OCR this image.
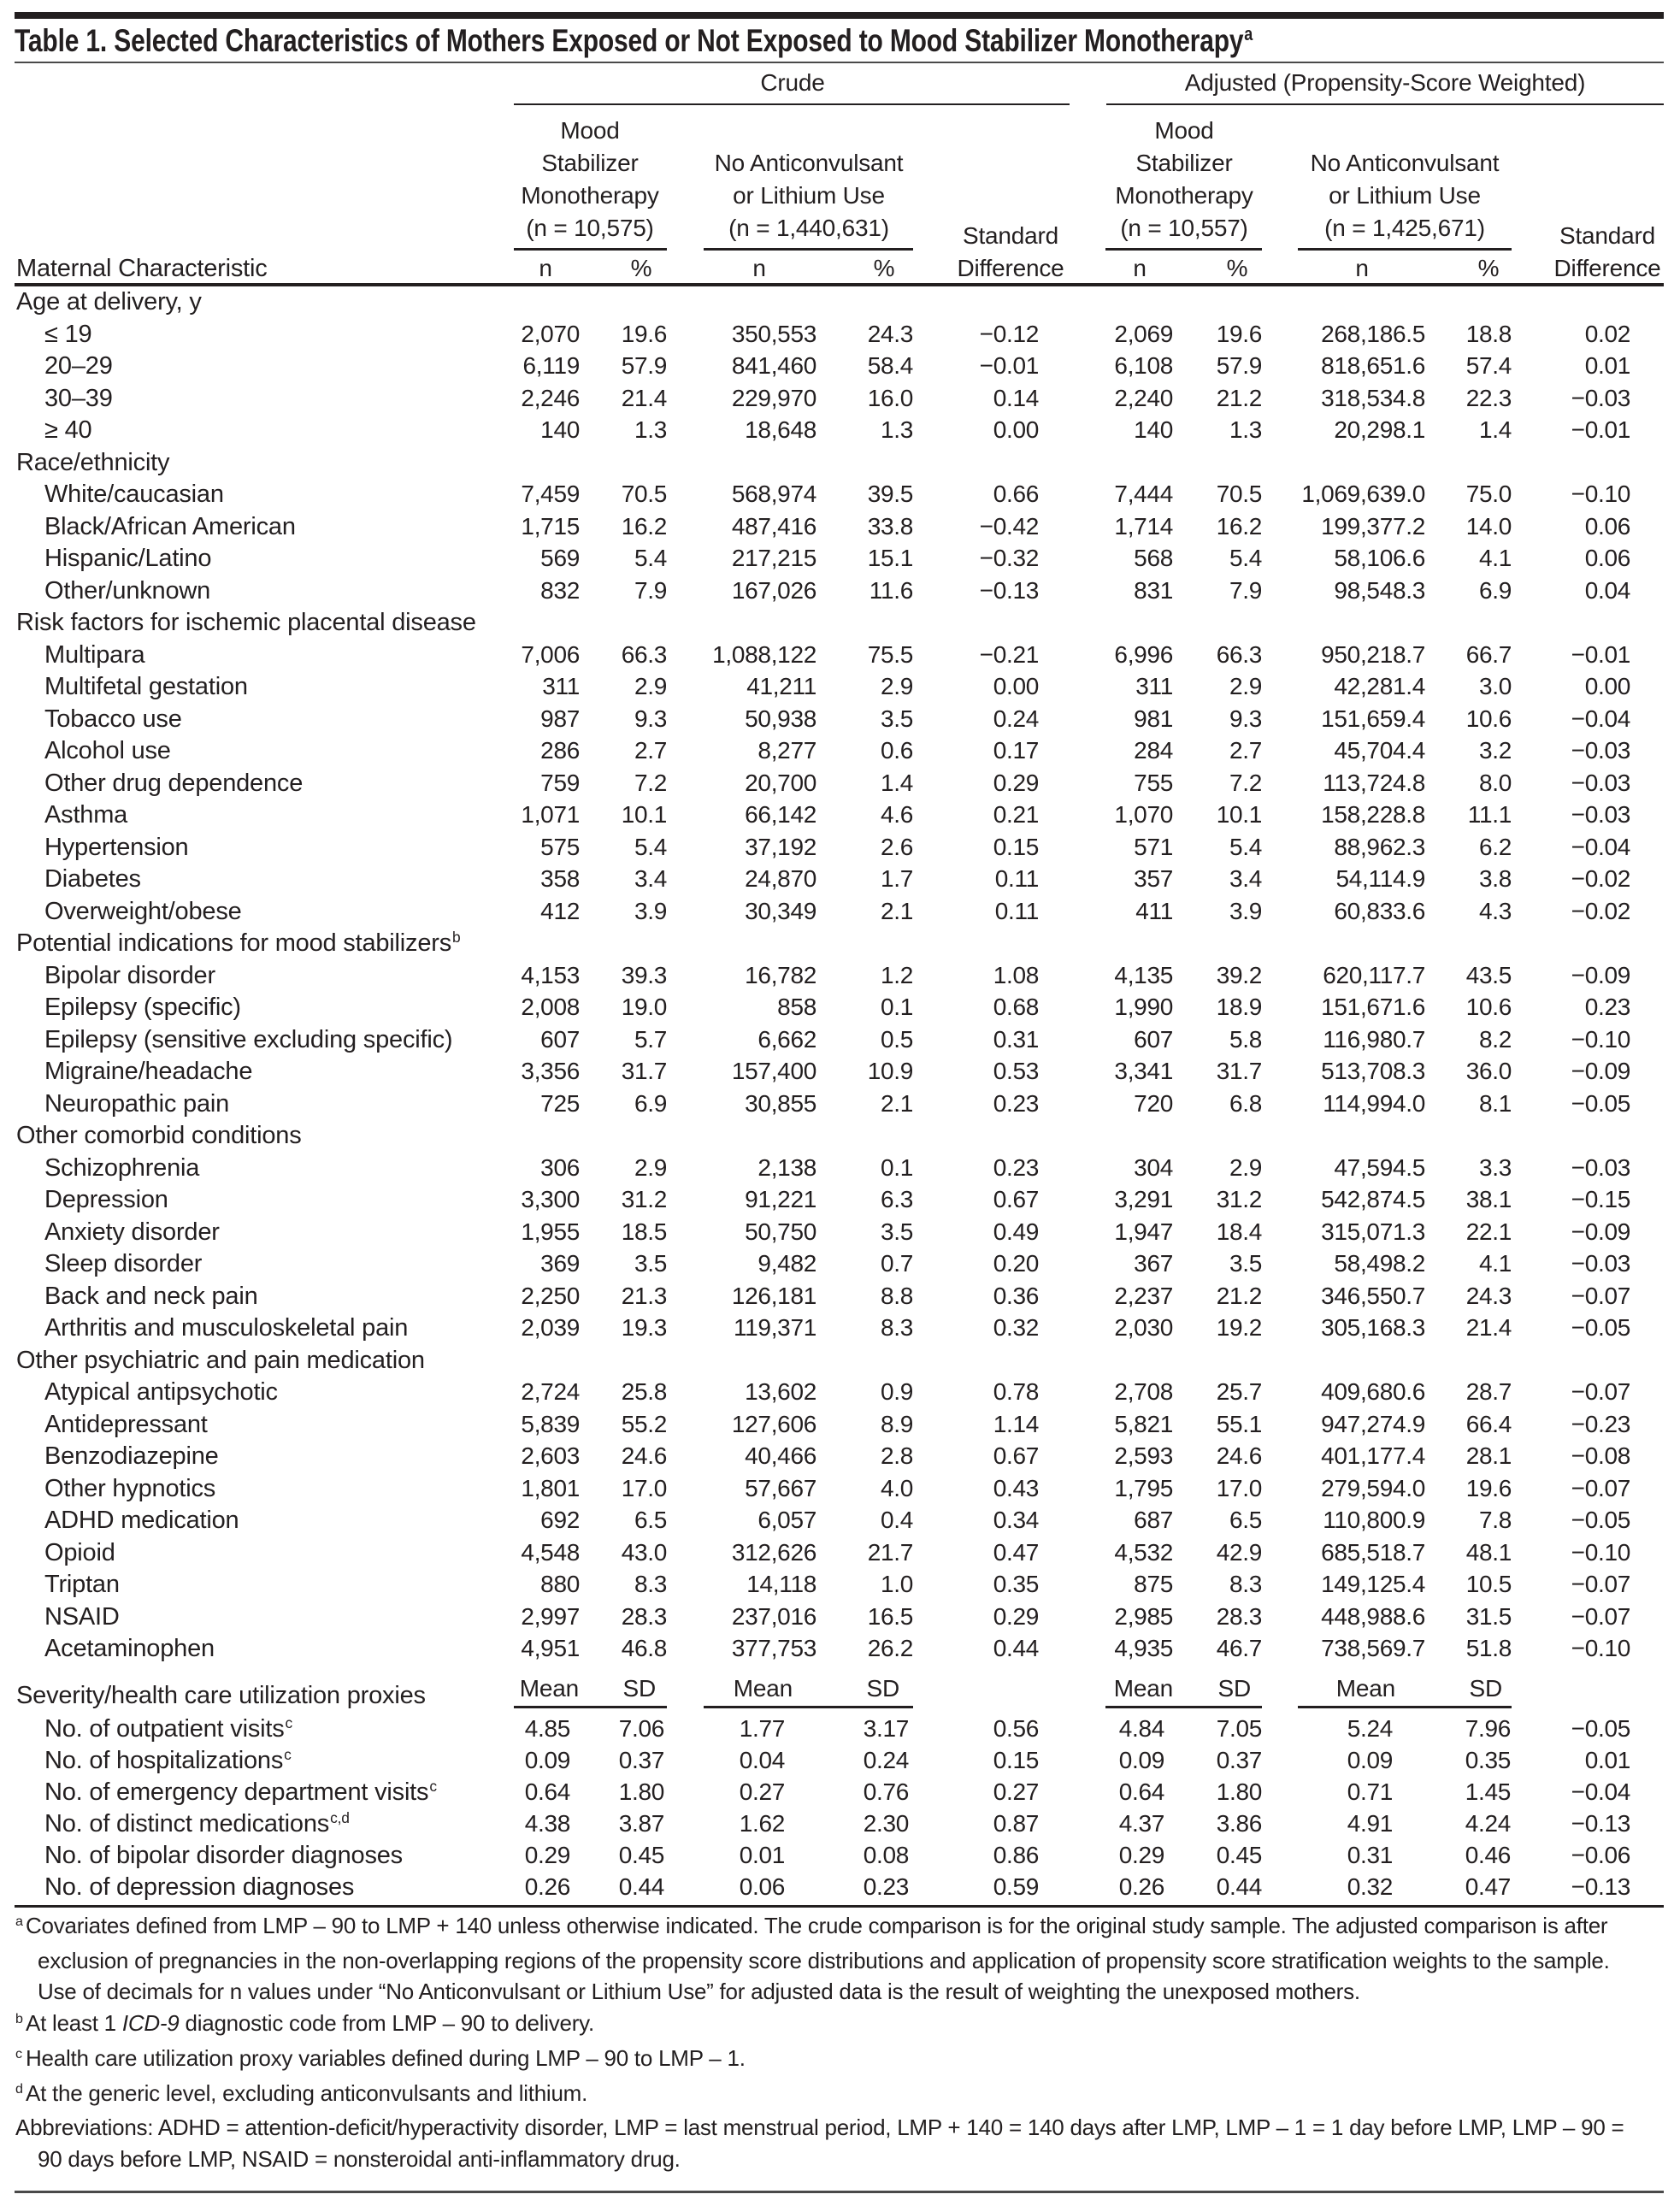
Table 1. Selected Characteristics of Mothers Exposed or Not Exposed to Mood Stabilizer Monotherapy$^a$
Crude	Adjusted (Propensity-Score Weighted)
Mood
Stabilizer
Monotherapy
(n = 10,575)
No Anticonvulsant
or Lithium Use
(n = 1,440,631)
Mood
Stabilizer
Monotherapy
(n = 10,557)
No Anticonvulsant
or Lithium Use
(n = 1,425,671)
Standard
Difference
Standard
Difference
n	%	n	%	n	%	n	%
Maternal Characteristic
Age at delivery, y
≤ 19	2,070 19.6	350,553 24.3	−0.12	2,069 19.6 268,186.5 18.8	0.02
20–29	6,119 57.9	841,460 58.4	−0.01	6,108 57.9 818,651.6 57.4	0.01
30–39	2,246 21.4	229,970 16.0	0.14	2,240 21.2 318,534.8 22.3 −0.03
≥ 40	140 1.3	18,648	1.3	0.00	140 1.3	20,298.1 1.4 −0.01
Race/ethnicity
White/caucasian	7,459 70.5	568,974 39.5	0.66	7,444 70.5 1,069,639.0 75.0 −0.10
Black/African American	1,715 16.2	487,416 33.8	−0.42	1,714 16.2 199,377.2 14.0	0.06
Hispanic/Latino	569 5.4	217,215 15.1	−0.32	568 5.4	58,106.6 4.1	0.06
Other/unknown	832 7.9	167,026 11.6	−0.13	831 7.9	98,548.3 6.9	0.04
Risk factors for ischemic placental disease
Multipara	7,006 66.3 1,088,122 75.5	−0.21	6,996 66.3 950,218.7 66.7 −0.01
Multifetal gestation	311 2.9	41,211	2.9	0.00	311 2.9	42,281.4 3.0	0.00
Tobacco use	987 9.3	50,938	3.5	0.24	981 9.3 151,659.4 10.6 −0.04
Alcohol use	286 2.7	8,277	0.6	0.17	284 2.7	45,704.4 3.2 −0.03
Other drug dependence	759 7.2	20,700	1.4	0.29	755 7.2	113,724.8 8.0 −0.03
Asthma	1,071 10.1	66,142	4.6	0.21	1,070 10.1 158,228.8 11.1 −0.03
Hypertension	575 5.4	37,192	2.6	0.15	571 5.4	88,962.3 6.2 −0.04
Diabetes	358 3.4	24,870	1.7	0.11	357 3.4	54,114.9 3.8 −0.02
Overweight/obese	412 3.9	30,349	2.1	0.11	411 3.9	60,833.6 4.3 −0.02
Potential indications for mood stabilizers$^b$
Bipolar disorder	4,153 39.3	16,782	1.2	1.08	4,135 39.2	620,117.7 43.5 −0.09
Epilepsy (specific)	2,008 19.0	858	0.1	0.68	1,990 18.9 151,671.6 10.6	0.23
Epilepsy (sensitive excluding specific)	607 5.7	6,662	0.5	0.31	607 5.8	116,980.7 8.2 −0.10
Migraine/headache	3,356 31.7	157,400 10.9	0.53	3,341 31.7 513,708.3 36.0 −0.09
Neuropathic pain	725 6.9	30,855	2.1	0.23	720 6.8	114,994.0 8.1 −0.05
Other comorbid conditions
Schizophrenia	306 2.9	2,138	0.1	0.23	304 2.9	47,594.5 3.3 −0.03
Depression	3,300 31.2	91,221	6.3	0.67	3,291 31.2 542,874.5 38.1 −0.15
Anxiety disorder	1,955 18.5	50,750	3.5	0.49	1,947 18.4 315,071.3 22.1 −0.09
Sleep disorder	369 3.5	9,482	0.7	0.20	367 3.5	58,498.2 4.1 −0.03
Back and neck pain	2,250 21.3	126,181	8.8	0.36	2,237 21.2 346,550.7 24.3 −0.07
Arthritis and musculoskeletal pain	2,039 19.3	119,371	8.3	0.32	2,030 19.2 305,168.3 21.4 −0.05
Other psychiatric and pain medication
Atypical antipsychotic	2,724 25.8	13,602	0.9	0.78	2,708 25.7 409,680.6 28.7 −0.07
Antidepressant	5,839 55.2	127,606	8.9	1.14	5,821 55.1 947,274.9 66.4 −0.23
Benzodiazepine	2,603 24.6	40,466	2.8	0.67	2,593 24.6 401,177.4 28.1 −0.08
Other hypnotics	1,801 17.0	57,667	4.0	0.43	1,795 17.0 279,594.0 19.6 −0.07
ADHD medication	692 6.5	6,057	0.4	0.34	687 6.5	110,800.9 7.8 −0.05
Opioid	4,548 43.0	312,626 21.7	0.47	4,532 42.9 685,518.7 48.1 −0.10
Triptan	880 8.3	14,118	1.0	0.35	875 8.3 149,125.4 10.5 −0.07
NSAID	2,997 28.3	237,016 16.5	0.29	2,985 28.3 448,988.6 31.5 −0.07
Acetaminophen	4,951 46.8	377,753 26.2	0.44	4,935 46.7 738,569.7 51.8 −0.10
Severity/health care utilization proxies	Mean SD	Mean	SD	Mean SD	Mean	SD
No. of outpatient visits$^c$	4.85 7.06	1.77	3.17	0.56	4.84 7.05	5.24	7.96	−0.05
No. of hospitalizations$^c$	0.09 0.37	0.04	0.24	0.15	0.09 0.37	0.09	0.35	0.01
No. of emergency department visits$^c$	0.64 1.80	0.27	0.76	0.27	0.64 1.80	0.71	1.45	−0.04
No. of distinct medications$^{c,d}$	4.38 3.87	1.62	2.30	0.87	4.37 3.86	4.91	4.24	−0.13
No. of bipolar disorder diagnoses	0.29 0.45	0.01	0.08	0.86	0.29 0.45	0.31	0.46	−0.06
No. of depression diagnoses	0.26 0.44	0.06	0.23	0.59	0.26 0.44	0.32	0.47	−0.13
a Covariates defined from LMP – 90 to LMP + 140 unless otherwise indicated. The crude comparison is for the original study sample. The adjusted comparison is after exclusion of pregnancies in the non-overlapping regions of the propensity score distributions and application of propensity score stratification weights to the sample. Use of decimals for n values under “No Anticonvulsant or Lithium Use” for adjusted data is the result of weighting the unexposed mothers.
b At least 1 ICD-9 diagnostic code from LMP – 90 to delivery.
c Health care utilization proxy variables defined during LMP – 90 to LMP – 1.
d At the generic level, excluding anticonvulsants and lithium.
Abbreviations: ADHD = attention-deficit/hyperactivity disorder, LMP = last menstrual period, LMP + 140 = 140 days after LMP, LMP – 1 = 1 day before LMP, LMP – 90 = 90 days before LMP, NSAID = nonsteroidal anti-inflammatory drug.
